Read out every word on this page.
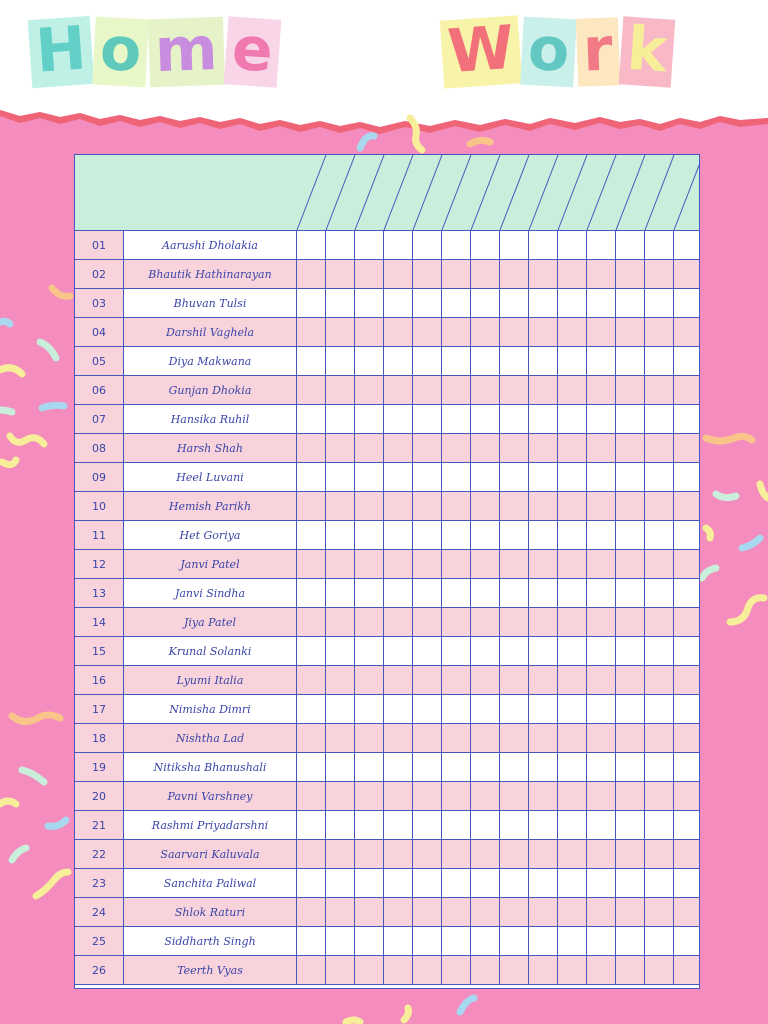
H o m e	W o r k
01	Aarushi Dholakia
02	Bhautik Hathinarayan
03	Bhuvan Tulsi
04	Darshil Vaghela
05	Diya Makwana
06	Gunjan Dhokia
07	Hansika Ruhil
08	Harsh Shah
09	Heel Luvani
10	Hemish Parikh
11	Het Goriya
12	Janvi Patel
13	Janvi Sindha
14	Jiya Patel
15	Krunal Solanki
16	Lyumi Italia
17	Nimisha Dimri
18	Nishtha Lad
19	Nitiksha Bhanushali
20	Pavni Varshney
21	Rashmi Priyadarshni
22	Saarvari Kaluvala
23	Sanchita Paliwal
24	Shlok Raturi
25	Siddharth Singh
26	Teerth Vyas
